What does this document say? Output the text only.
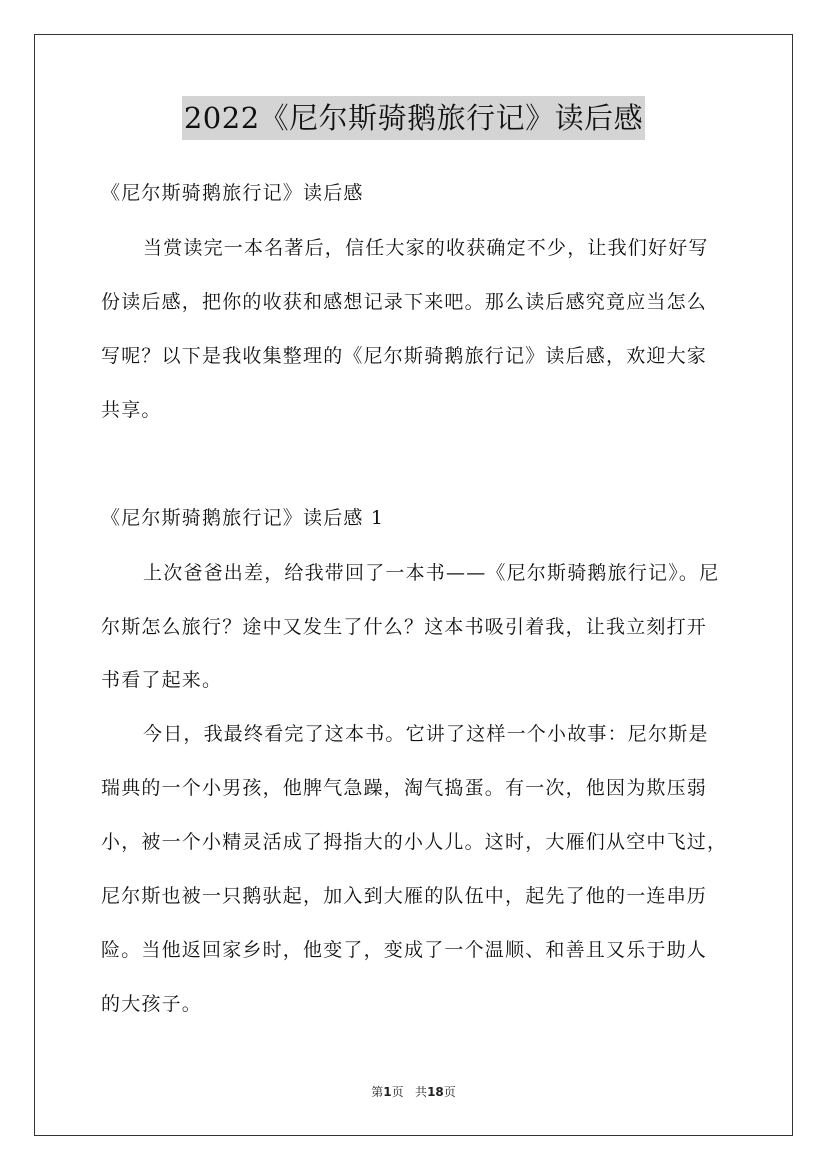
2022《尼尔斯骑鹅旅行记》读后感
《尼尔斯骑鹅旅行记》读后感
当赏读完一本名著后，信任大家的收获确定不少，让我们好好写
份读后感，把你的收获和感想记录下来吧。那么读后感究竟应当怎么
写呢？以下是我收集整理的《尼尔斯骑鹅旅行记》读后感，欢迎大家
共享。
《尼尔斯骑鹅旅行记》读后感 1
上次爸爸出差，给我带回了一本书——《尼尔斯骑鹅旅行记》。尼
尔斯怎么旅行？途中又发生了什么？这本书吸引着我，让我立刻打开
书看了起来。
今日，我最终看完了这本书。它讲了这样一个小故事：尼尔斯是
瑞典的一个小男孩，他脾气急躁，淘气捣蛋。有一次，他因为欺压弱
小，被一个小精灵活成了拇指大的小人儿。这时，大雁们从空中飞过，
尼尔斯也被一只鹅驮起，加入到大雁的队伍中，起先了他的一连串历
险。当他返回家乡时，他变了，变成了一个温顺、和善且又乐于助人
的大孩子。
第1页 共18页
